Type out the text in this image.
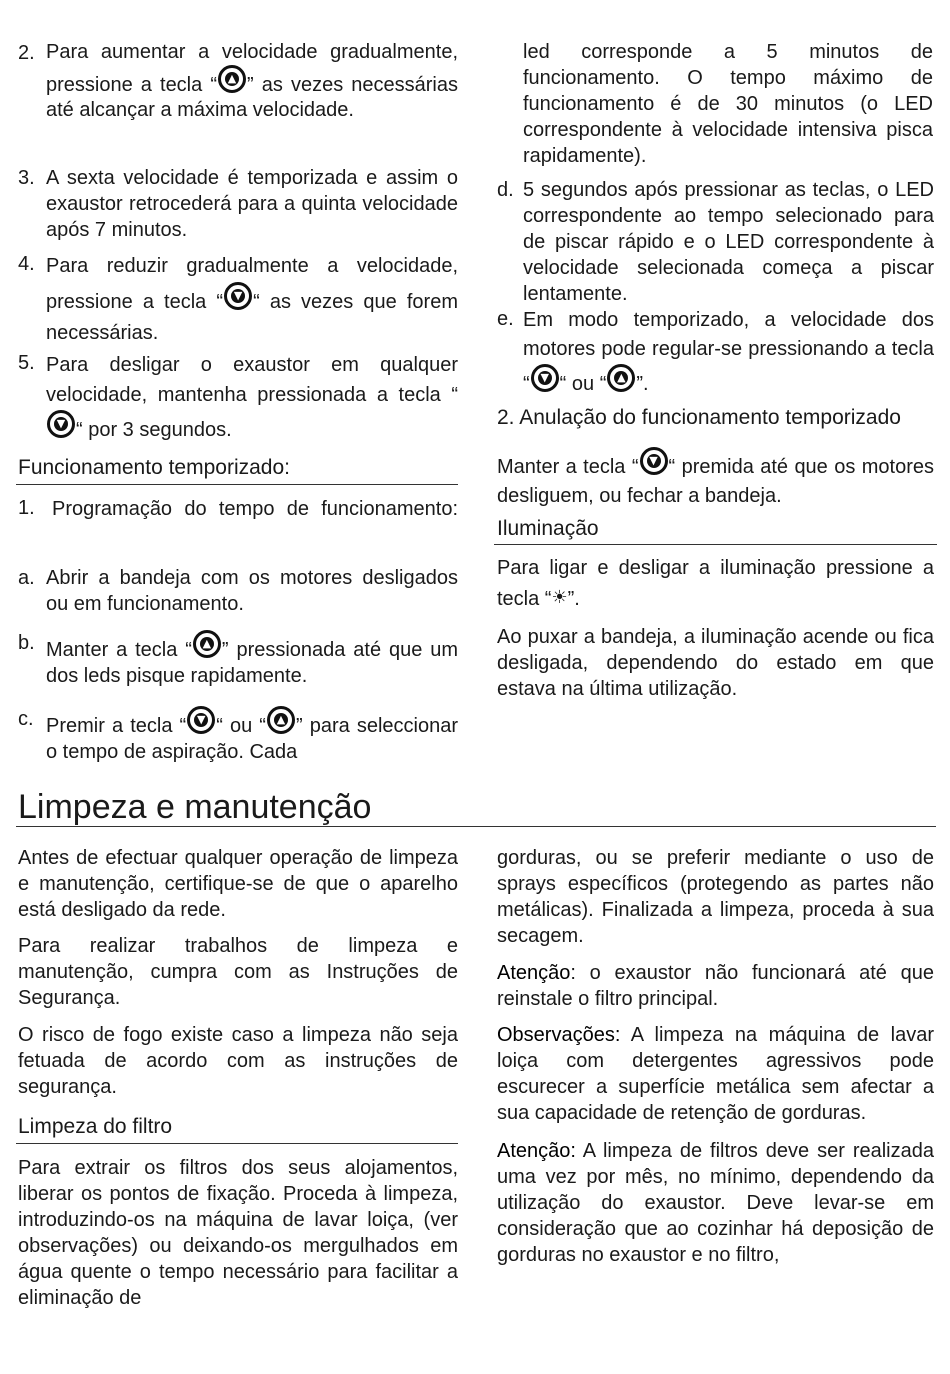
2. Para aumentar a velocidade gradualmente, pressione a tecla “ ▲ ” as vezes necessárias até alcançar a máxima velocidade.
3. A sexta velocidade é temporizada e assim o exaustor retrocederá para a quinta velocidade após 7 minutos.
4. Para reduzir gradualmente a velocidade, pressione a tecla “ ▼ “ as vezes que forem necessárias.
5. Para desligar o exaustor em qualquer velocidade, mantenha pressionada a tecla “
▼ “ por 3 segundos.
Funcionamento temporizado:
1. Programação do tempo de funcionamento:
a. Abrir a bandeja com os motores desligados ou em funcionamento.
b. Manter a tecla “ ▲ ” pressionada até que um dos leds pisque rapidamente.
c. Premir a tecla “ ▼ “ ou “ ▲ ” para seleccionar o tempo de aspiração. Cada
led corresponde a 5 minutos de funcionamento. O tempo máximo de funcionamento é de 30 minutos (o LED correspondente à velocidade intensiva pisca rapidamente).
d. 5 segundos após pressionar as teclas, o LED correspondente ao tempo selecionado para de piscar rápido e o LED correspondente à velocidade selecionada começa a piscar lentamente.
e. Em modo temporizado, a velocidade dos motores pode regular-se pressionando a tecla “ ▼ “ ou “ ▲ ”.
2. Anulação do funcionamento temporizado
Manter a tecla “ ▼ “ premida até que os motores desliguem, ou fechar a bandeja.
Iluminação
Para ligar e desligar a iluminação pressione a tecla “☀”.
Ao puxar a bandeja, a iluminação acende ou fica desligada, dependendo do estado em que estava na última utilização.
Limpeza e manutenção
Antes de efectuar qualquer operação de limpeza e manutenção, certifique-se de que o aparelho está desligado da rede.
Para realizar trabalhos de limpeza e manutenção, cumpra com as Instruções de Segurança.
O risco de fogo existe caso a limpeza não seja fetuada de acordo com as instruções de segurança.
Limpeza do filtro
Para extrair os filtros dos seus alojamentos, liberar os pontos de fixação. Proceda à limpeza, introduzindo-os na máquina de lavar loiça, (ver observações) ou deixando-os mergulhados em água quente o tempo necessário para facilitar a eliminação de
gorduras, ou se preferir mediante o uso de sprays específicos (protegendo as partes não metálicas). Finalizada a limpeza, proceda à sua secagem.
Atenção: o exaustor não funcionará até que reinstale o filtro principal.
Observações: A limpeza na máquina de lavar loiça com detergentes agressivos pode escurecer a superfície metálica sem afectar a sua capacidade de retenção de gorduras.
Atenção: A limpeza de filtros deve ser realizada uma vez por mês, no mínimo, dependendo da utilização do exaustor. Deve levar-se em consideração que ao cozinhar há deposição de gorduras no exaustor e no filtro,
